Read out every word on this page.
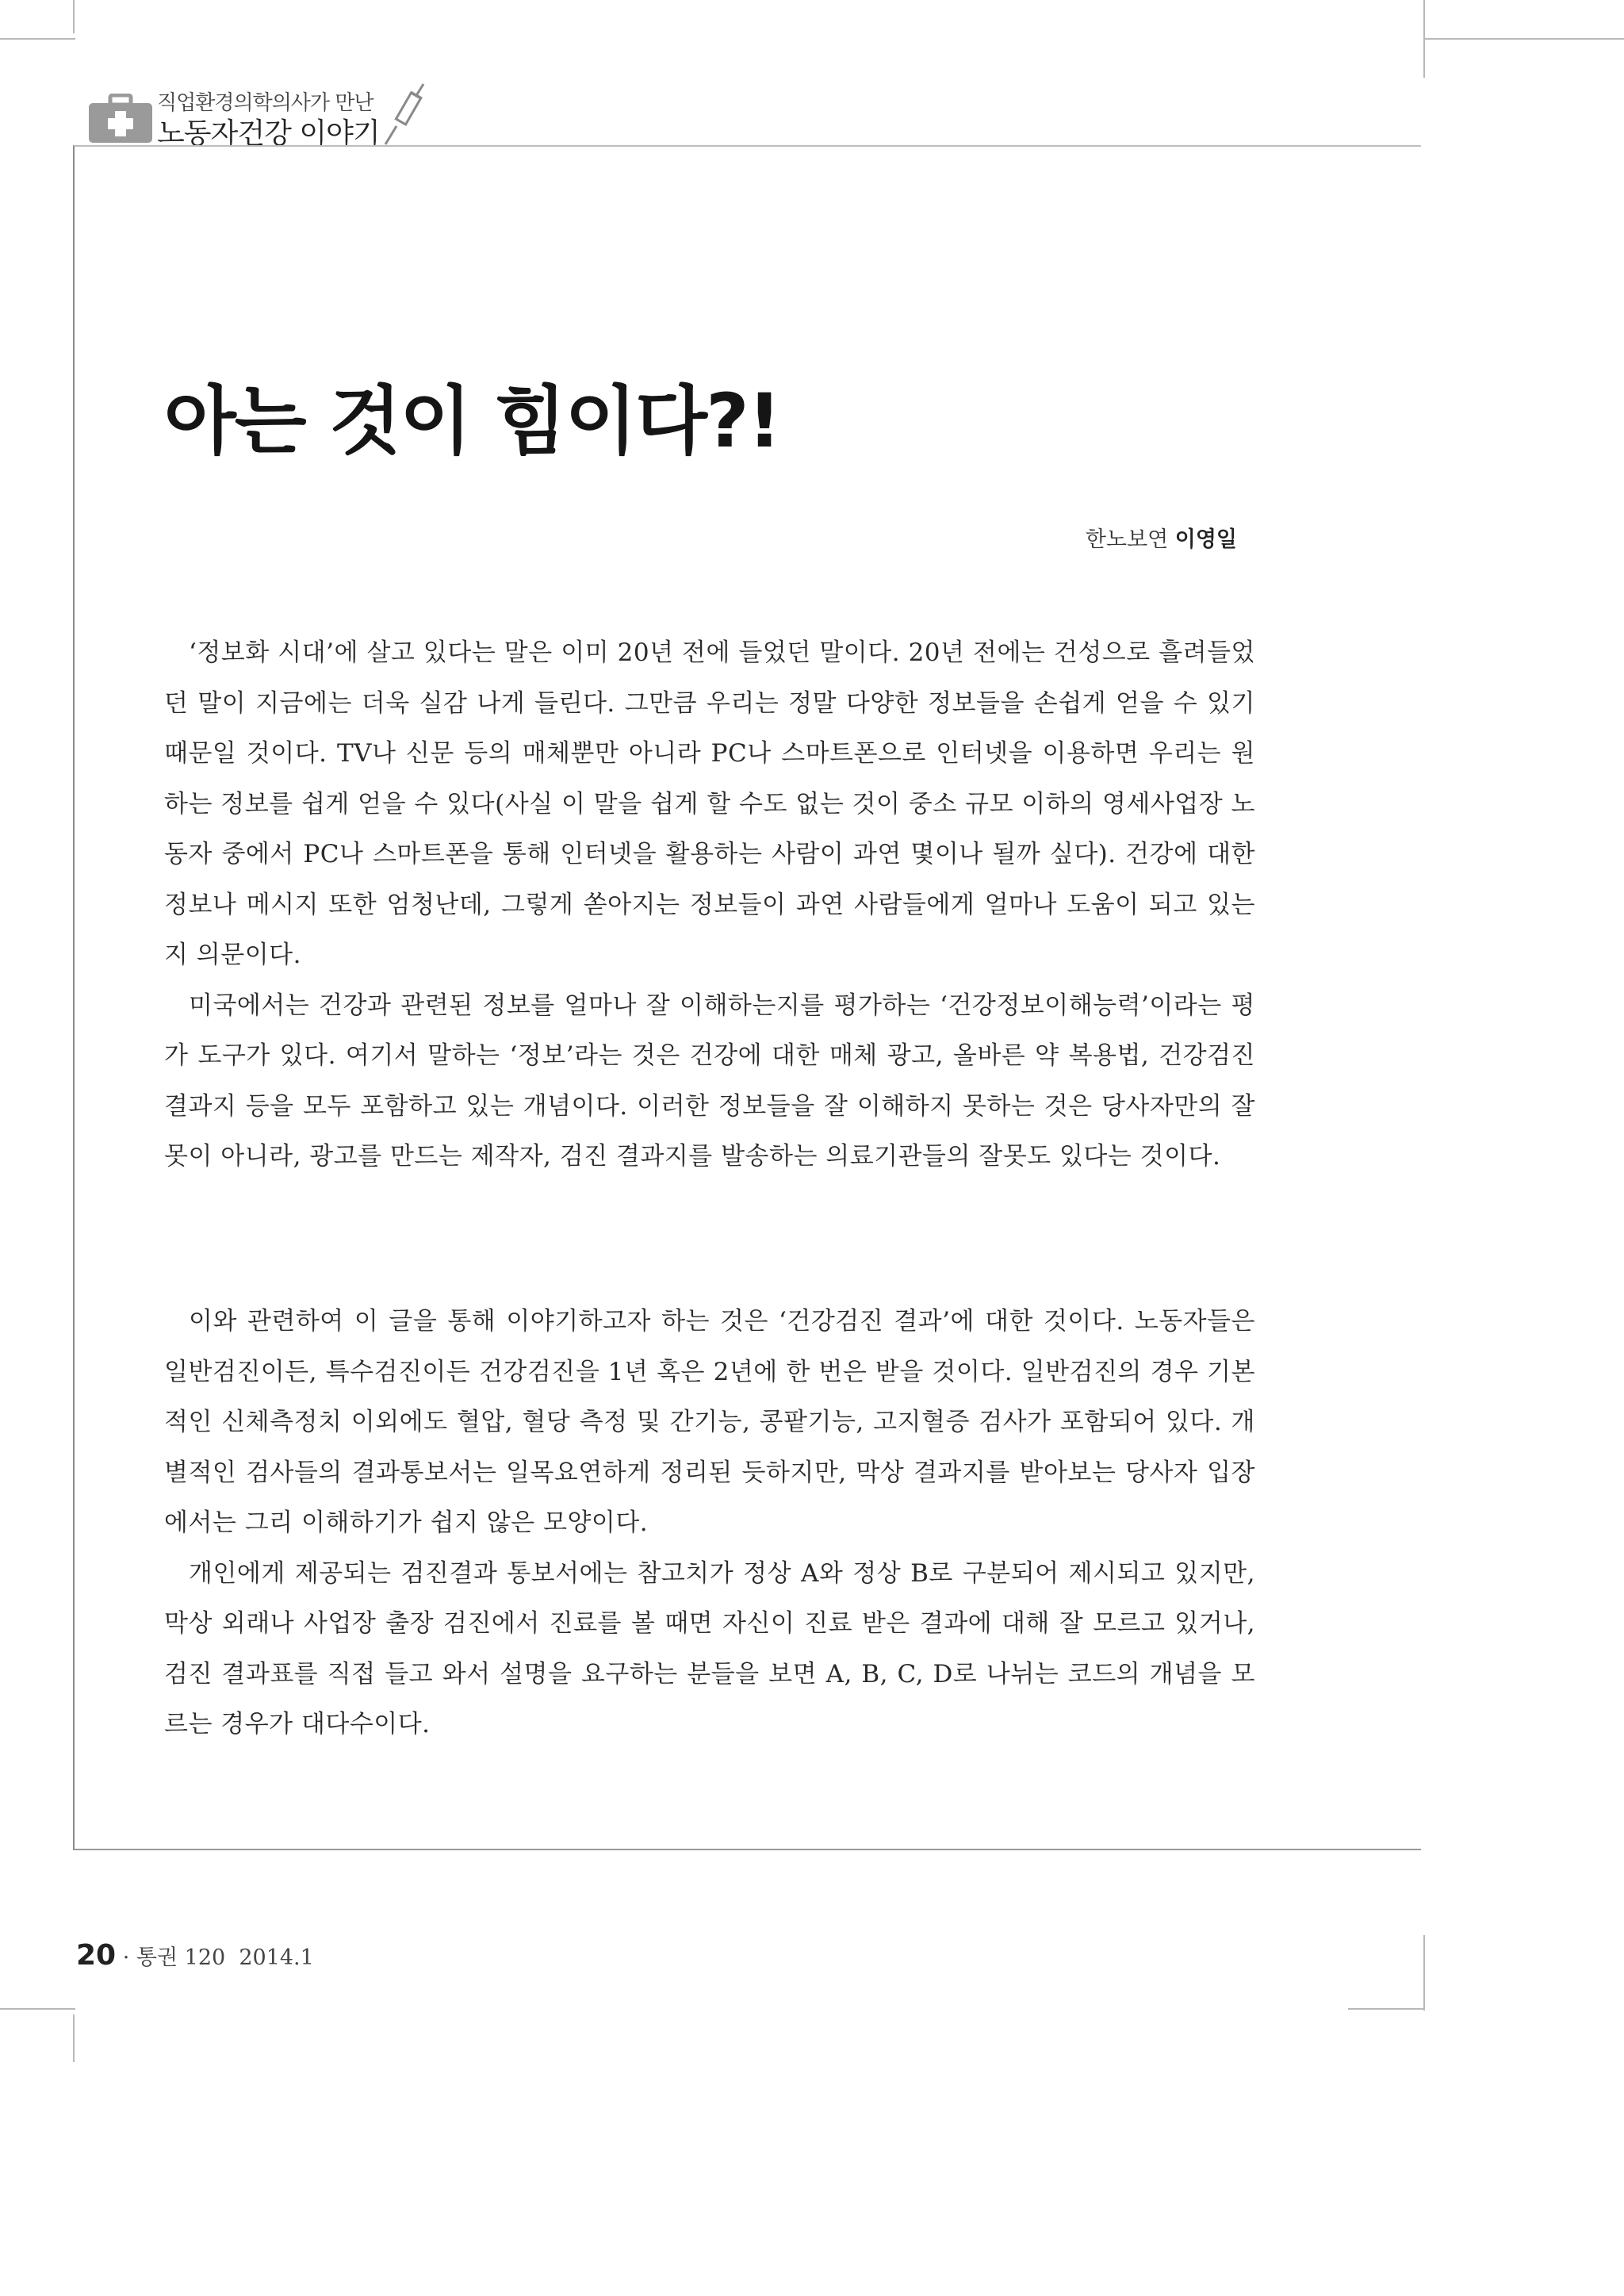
직업환경의학의사가 만난
노동자건강 이야기
아는 것이 힘이다?!
한노보연 이영일

‘정보화 시대’에 살고 있다는 말은 이미 20년 전에 들었던 말이다. 20년 전에는 건성으로 흘려들었던 말이 지금에는 더욱 실감 나게 들린다. 그만큼 우리는 정말 다양한 정보들을 손쉽게 얻을 수 있기 때문일 것이다. TV나 신문 등의 매체뿐만 아니라 PC나 스마트폰으로 인터넷을 이용하면 우리는 원하는 정보를 쉽게 얻을 수 있다(사실 이 말을 쉽게 할 수도 없는 것이 중소 규모 이하의 영세사업장 노동자 중에서 PC나 스마트폰을 통해 인터넷을 활용하는 사람이 과연 몇이나 될까 싶다). 건강에 대한 정보나 메시지 또한 엄청난데, 그렇게 쏟아지는 정보들이 과연 사람들에게 얼마나 도움이 되고 있는지 의문이다.

미국에서는 건강과 관련된 정보를 얼마나 잘 이해하는지를 평가하는 ‘건강정보이해능력’이라는 평가 도구가 있다. 여기서 말하는 ‘정보’라는 것은 건강에 대한 매체 광고, 올바른 약 복용법, 건강검진 결과지 등을 모두 포함하고 있는 개념이다. 이러한 정보들을 잘 이해하지 못하는 것은 당사자만의 잘못이 아니라, 광고를 만드는 제작자, 검진 결과지를 발송하는 의료기관들의 잘못도 있다는 것이다.

이와 관련하여 이 글을 통해 이야기하고자 하는 것은 ‘건강검진 결과’에 대한 것이다. 노동자들은 일반검진이든, 특수검진이든 건강검진을 1년 혹은 2년에 한 번은 받을 것이다. 일반검진의 경우 기본적인 신체측정치 이외에도 혈압, 혈당 측정 및 간기능, 콩팥기능, 고지혈증 검사가 포함되어 있다. 개별적인 검사들의 결과통보서는 일목요연하게 정리된 듯하지만, 막상 결과지를 받아보는 당사자 입장에서는 그리 이해하기가 쉽지 않은 모양이다.

개인에게 제공되는 검진결과 통보서에는 참고치가 정상 A와 정상 B로 구분되어 제시되고 있지만, 막상 외래나 사업장 출장 검진에서 진료를 볼 때면 자신이 진료 받은 결과에 대해 잘 모르고 있거나, 검진 결과표를 직접 들고 와서 설명을 요구하는 분들을 보면 A, B, C, D로 나뉘는 코드의 개념을 모르는 경우가 대다수이다.

20 · 통권 120 2014.1
